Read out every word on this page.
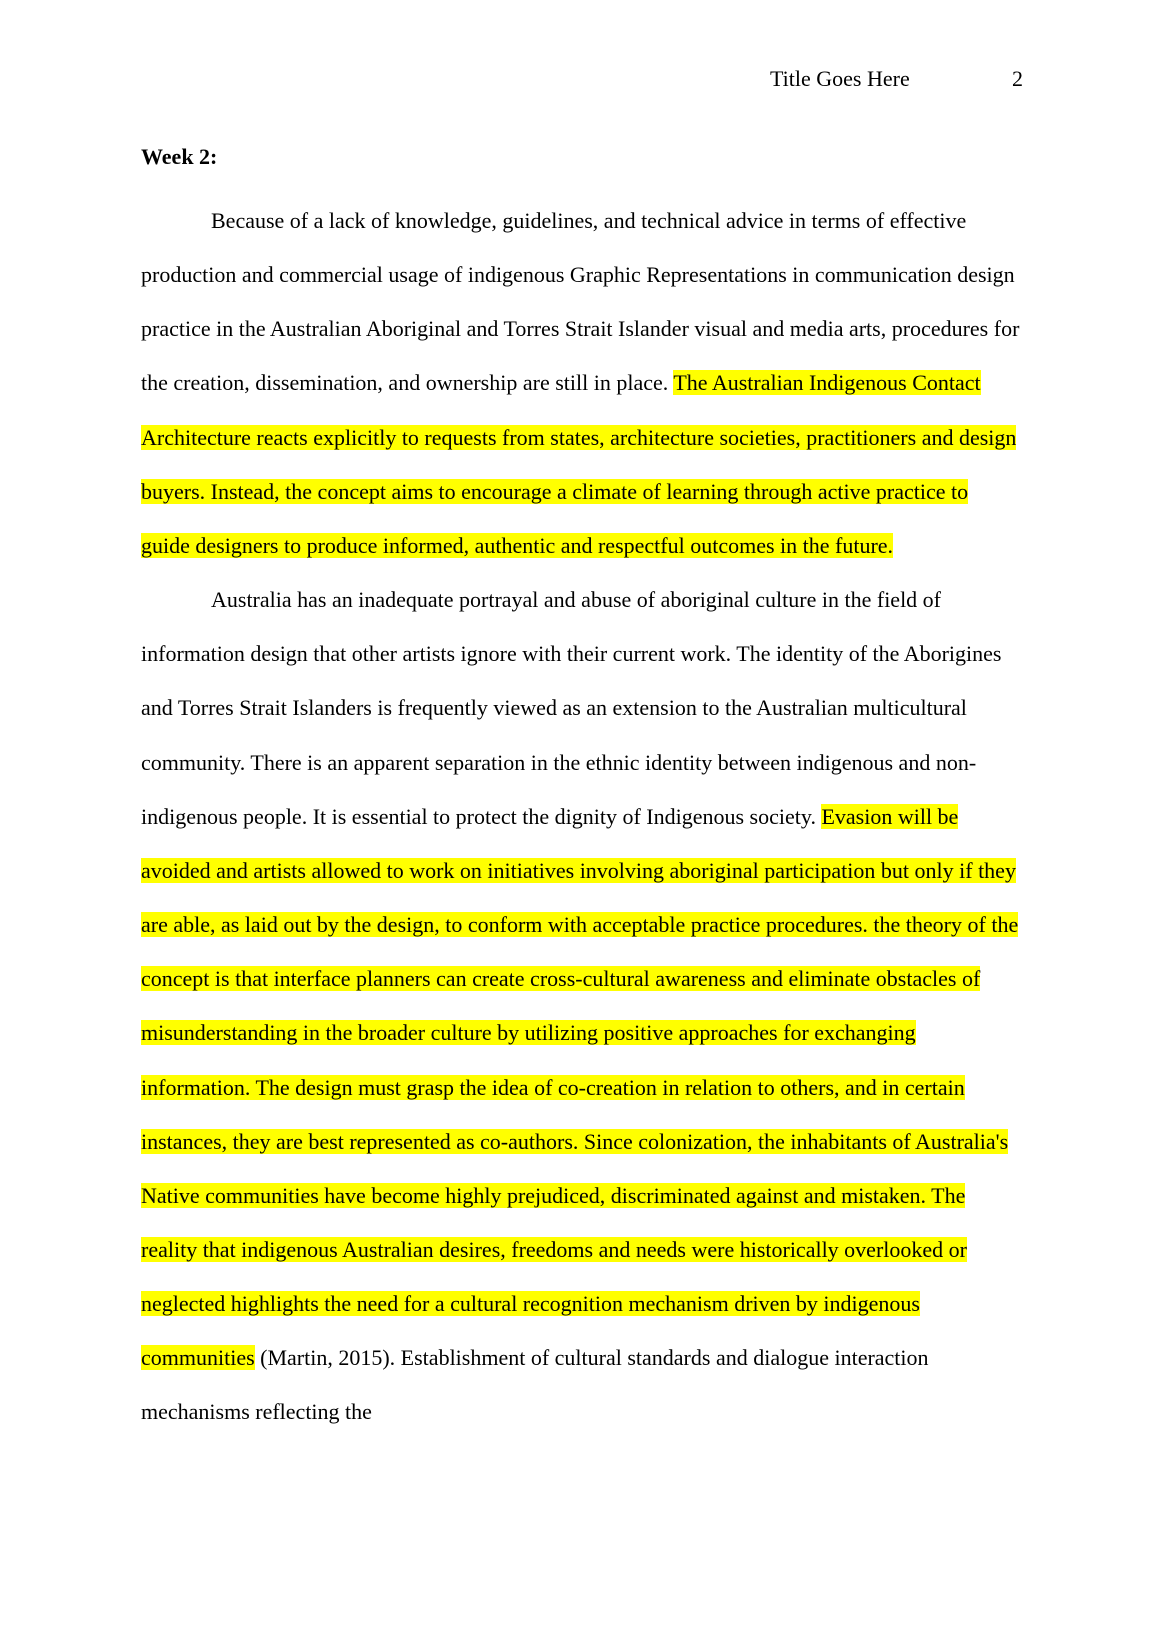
Title Goes Here	2

Week 2:

Because of a lack of knowledge, guidelines, and technical advice in terms of effective production and commercial usage of indigenous Graphic Representations in communication design practice in the Australian Aboriginal and Torres Strait Islander visual and media arts, procedures for the creation, dissemination, and ownership are still in place. The Australian Indigenous Contact Architecture reacts explicitly to requests from states, architecture societies, practitioners and design buyers. Instead, the concept aims to encourage a climate of learning through active practice to guide designers to produce informed, authentic and respectful outcomes in the future.

Australia has an inadequate portrayal and abuse of aboriginal culture in the field of information design that other artists ignore with their current work. The identity of the Aborigines and Torres Strait Islanders is frequently viewed as an extension to the Australian multicultural community. There is an apparent separation in the ethnic identity between indigenous and non-indigenous people. It is essential to protect the dignity of Indigenous society. Evasion will be avoided and artists allowed to work on initiatives involving aboriginal participation but only if they are able, as laid out by the design, to conform with acceptable practice procedures. the theory of the concept is that interface planners can create cross-cultural awareness and eliminate obstacles of misunderstanding in the broader culture by utilizing positive approaches for exchanging information. The design must grasp the idea of co-creation in relation to others, and in certain instances, they are best represented as co-authors. Since colonization, the inhabitants of Australia's Native communities have become highly prejudiced, discriminated against and mistaken. The reality that indigenous Australian desires, freedoms and needs were historically overlooked or neglected highlights the need for a cultural recognition mechanism driven by indigenous communities (Martin, 2015). Establishment of cultural standards and dialogue interaction mechanisms reflecting the
